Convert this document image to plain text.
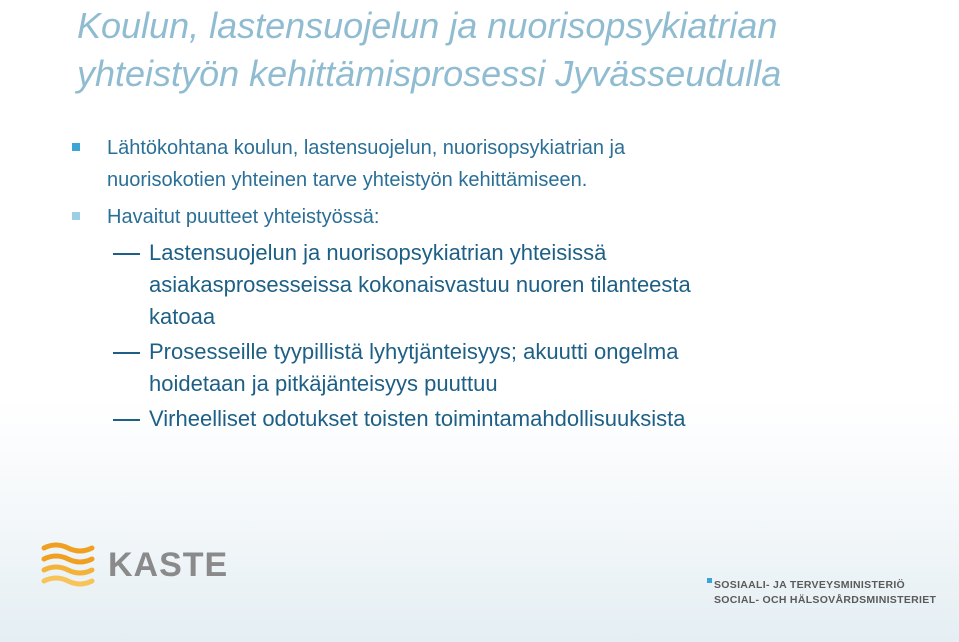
Koulun, lastensuojelun ja nuorisopsykiatrian
yhteistyön kehittämisprosessi Jyvässeudulla

Lähtökohtana koulun, lastensuojelun, nuorisopsykiatrian ja
nuorisokotien yhteinen tarve yhteistyön kehittämiseen.

Havaitut puutteet yhteistyössä:

Lastensuojelun ja nuorisopsykiatrian yhteisissä
asiakasprosesseissa kokonaisvastuu nuoren tilanteesta
katoaa

Prosesseille tyypillistä lyhytjänteisyys; akuutti ongelma
hoidetaan ja pitkäjänteisyys puuttuu

Virheelliset odotukset toisten toimintamahdollisuuksista

KASTE
SOSIAALI- JA TERVEYSMINISTERIÖ
SOCIAL- OCH HÄLSOVÅRDSMINISTERIET
